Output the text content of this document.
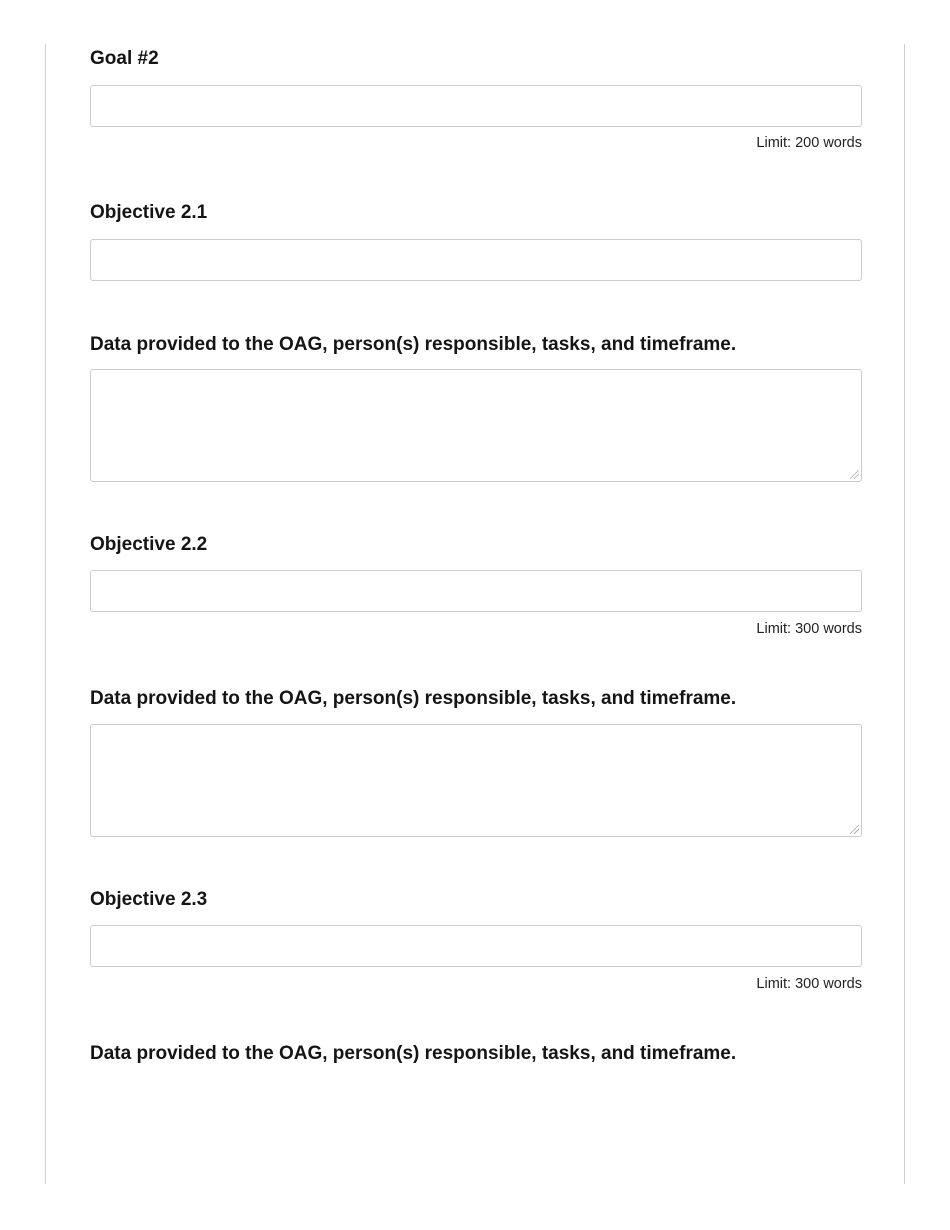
Goal #2
Limit: 200 words
Objective 2.1
Data provided to the OAG, person(s) responsible, tasks, and timeframe.
Objective 2.2
Limit: 300 words
Data provided to the OAG, person(s) responsible, tasks, and timeframe.
Objective 2.3
Limit: 300 words
Data provided to the OAG, person(s) responsible, tasks, and timeframe.
